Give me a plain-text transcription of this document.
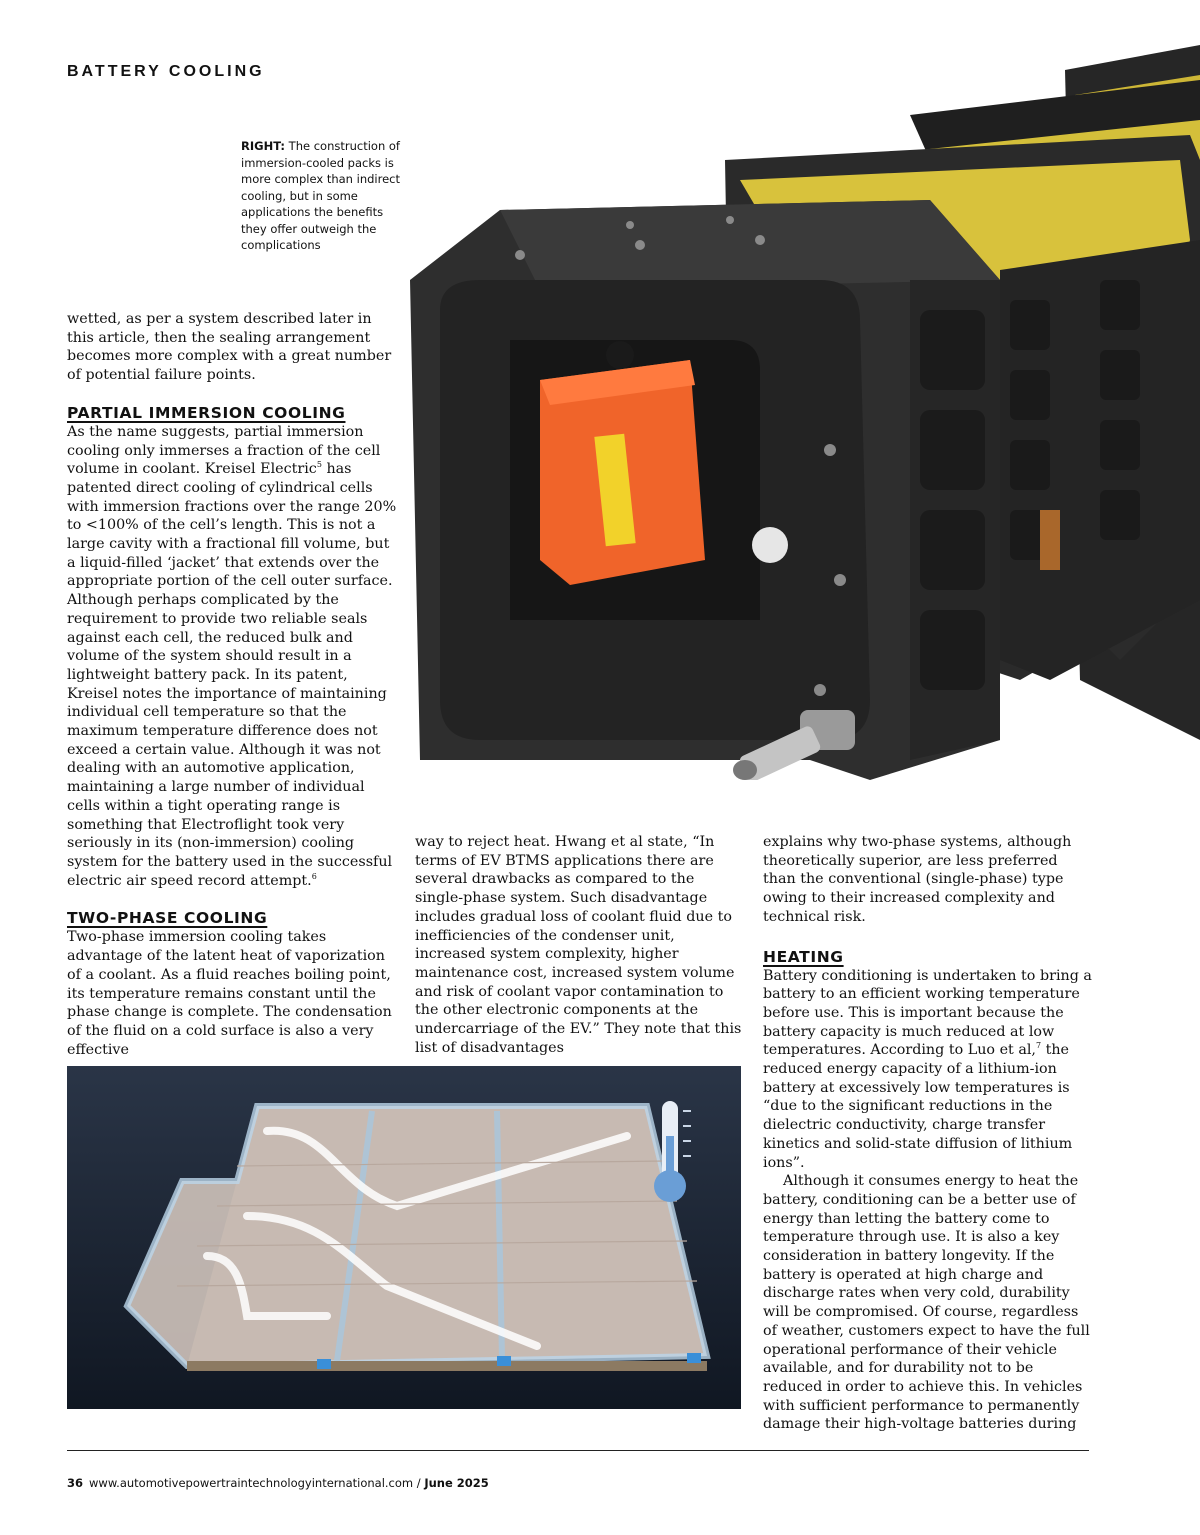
BATTERY COOLING
RIGHT: The construction of immersion-cooled packs is more complex than indirect cooling, but in some applications the benefits they offer outweigh the complications

wetted, as per a system described later in this article, then the sealing arrangement becomes more complex with a great number of potential failure points.

PARTIAL IMMERSION COOLING

As the name suggests, partial immersion cooling only immerses a fraction of the cell volume in coolant. Kreisel Electric$^5$ has patented direct cooling of cylindrical cells with immersion fractions over the range 20% to <100% of the cell’s length. This is not a large cavity with a fractional fill volume, but a liquid-filled ‘jacket’ that extends over the appropriate portion of the cell outer surface. Although perhaps complicated by the requirement to provide two reliable seals against each cell, the reduced bulk and volume of the system should result in a lightweight battery pack. In its patent, Kreisel notes the importance of maintaining individual cell temperature so that the maximum temperature difference does not exceed a certain value. Although it was not dealing with an automotive application, maintaining a large number of individual cells within a tight operating range is something that Electroflight took very seriously in its (non-immersion) cooling system for the battery used in the successful electric air speed record attempt.$^6$

TWO-PHASE COOLING

Two-phase immersion cooling takes advantage of the latent heat of vaporization of a coolant. As a fluid reaches boiling point, its temperature remains constant until the phase change is complete. The condensation of the fluid on a cold surface is also a very effective

way to reject heat. Hwang et al state, “In terms of EV BTMS applications there are several drawbacks as compared to the single-phase system. Such disadvantage includes gradual loss of coolant fluid due to inefficiencies of the condenser unit, increased system complexity, higher maintenance cost, increased system volume and risk of coolant vapor contamination to the other electronic components at the undercarriage of the EV.” They note that this list of disadvantages

explains why two-phase systems, although theoretically superior, are less preferred than the conventional (single-phase) type owing to their increased complexity and technical risk.

HEATING

Battery conditioning is undertaken to bring a battery to an efficient working temperature before use. This is important because the battery capacity is much reduced at low temperatures. According to Luo et al,$^7$ the reduced energy capacity of a lithium-ion battery at excessively low temperatures is “due to the significant reductions in the dielectric conductivity, charge transfer kinetics and solid-state diffusion of lithium ions”.

Although it consumes energy to heat the battery, conditioning can be a better use of energy than letting the battery come to temperature through use. It is also a key consideration in battery longevity. If the battery is operated at high charge and discharge rates when very cold, durability will be compromised. Of course, regardless of weather, customers expect to have the full operational performance of their vehicle available, and for durability not to be reduced in order to achieve this. In vehicles with sufficient performance to permanently damage their high-voltage batteries during

36 www.automotivepowertraintechnologyinternational.com / June 2025
